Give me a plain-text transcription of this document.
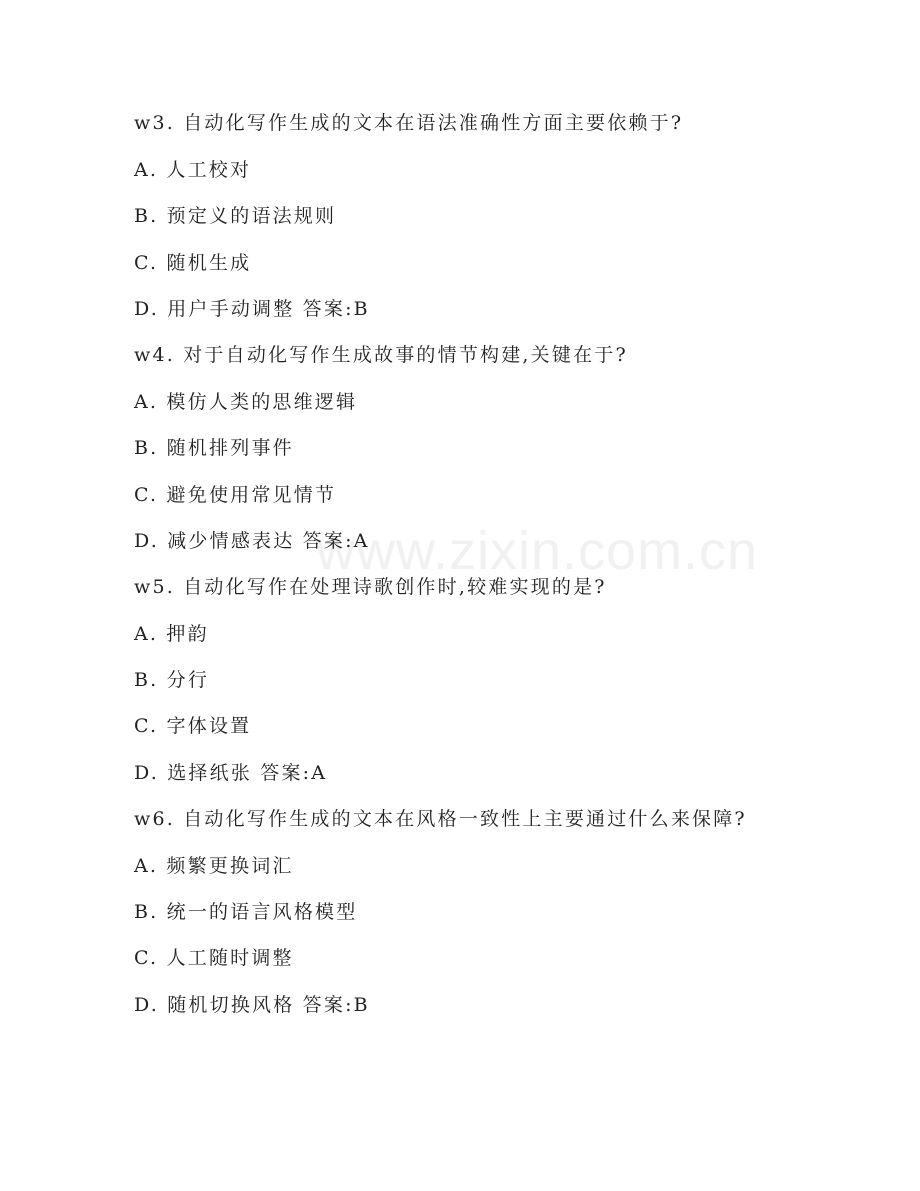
www.zixin.com.cn
w3. 自动化写作生成的文本在语法准确性方面主要依赖于?
A. 人工校对
B. 预定义的语法规则
C. 随机生成
D. 用户手动调整 答案:B
w4. 对于自动化写作生成故事的情节构建,关键在于?
A. 模仿人类的思维逻辑
B. 随机排列事件
C. 避免使用常见情节
D. 减少情感表达 答案:A
w5. 自动化写作在处理诗歌创作时,较难实现的是?
A. 押韵
B. 分行
C. 字体设置
D. 选择纸张 答案:A
w6. 自动化写作生成的文本在风格一致性上主要通过什么来保障?
A. 频繁更换词汇
B. 统一的语言风格模型
C. 人工随时调整
D. 随机切换风格 答案:B
